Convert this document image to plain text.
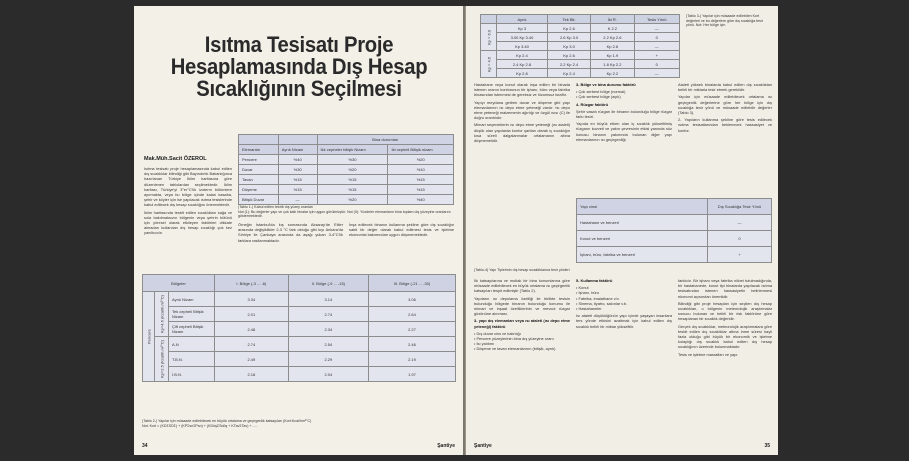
Isıtma Tesisatı Proje
Hesaplamasında Dış Hesap
Sıcaklığının Seçilmesi
Mak.Müh.Sacit ÖZEROL

Isıtma tesisatı proje hesaplamasında kabul edilen dış sıcaklıklar bilindiği gibi Bayındırlık Bakanlığınca hazırlanan Türkiye İklim haritasına göre düzenlenen tablolardan seçilmektedir. İklim haritası, Türkiye'yi 3°er°C'lik izoterm bölümlere ayırmakta, veya bu bölge içinde kalan kasaba, şehir ve köyler için ise yapılacak ısıtma tesislerinde kabul edilecek dış hesap sıcaklığını önermektedir.

İklim haritasında tesbit edilen sıcaklıkları sağa ve sola bakılmaksızın bölgenin veya şehrin bütünü için yöresel olarak etkileyen faktörleri dikkate almadan kullanılan dış hesap sıcaklığı çok kez yanıltıcıdır.

		Bina durumları	
Elemanlar	Ayrık Nizam	İkk cepheler bitişik Nizam	İki cepheli Bitişik nizam
Pencere	%40	%30	%20
Duvar	%30	%20	%10
Tavan	%15	%15	%15
Döşeme	%15	%15	%15
Bitişik Duvar	—	%20	%40
(Tablo 1-) Kabul edilen tekrib dış yüzey oranları
Not (1): Bu değerler yapı ve çok katlı binalar için uygun görülmüştür. Not (II): Yüzdeler elemanların bina toplam dış yüzeyine oranlarını göstermektedir.

Örneğin İstanbul'da kış sonrasında Aksaray'de Etiler arasında değişiklikler 2-3 °C fark olduğu gibi kıyı Ankara'da Sıhhiye ile Çankaya arasında da aşağı yukarı 3-4°C'lik farklara rastlanmaktadır.

İnşa edilecek binanın kullanma şekline göre dış sıcaklığın sabit bir değer olarak kabul edilmesi tesis ve işletme ekonomisi bakımından uygun düşmemektedir.

Bölgeler			I. Bölge (-3 ... -6)	II. Bölge (-9 ... -15)	III. Bölge (-21 ... -30)
Pencere	Kp=4.6 (Kcal/h.m²°C)	Ayrık Nizam	3.34	3.14	3.06
		Tek cepheli Bitişik Nizam	2.01	2.74	2.64
		Çift cepheli Bitişik Nizam	2.48	2.34	2.27
	Kp=2.5 (Kcal/h.m²°C)	A.N	2.74	2.54	2.46
		T.B.N.	2.49	2.29	2.19
		İ.B.N.	2.18	2.04	1.97
(Tablo 2-) Yapılar için müsaade edilebilecek en büyük ortalama ve geçirgenlik katsayıları (Kort:Kcal/hm²°C)
Not: Kort = (ΚDΣSDΣ) + (ΚPΣsnΣPsn) + (ΚDöşΣSdöş + ΚTavΣTav) + .....
34	Şantiye
	Ayrık	Tek Bit.	İki R.	Tesis Yönü
Kp = 6.0	Kp 3	Kp 2.6	K 2.2	—
	3.00 Kp 3.40	2.6 Kp 3.0	2.2 Kp 2.6	0
	Kp 3.40	Kp 3.0	Kp 2.6	—
Kp = 4.6	Kp 2.4	Kp 2.6	Kp 1.9	+
	2.4 Kp 2.8	2.2 Kp 2.4	1.8 Kp 2.2	0
	Kp 2.8	Kp 2.4	Kp 2.2	—
(Tablo 3-) Yapılar için müsaade edilebilen Kort değerleri ve bu değerlere göre dış sıcaklığa tesir yönü. Not: Her bölge için

Hastahane veya konut olarak inşa edilen bir binada istenen oranın konforunun bir işhanı, büro veya fabrika binasından istenmesi de gereksiz ve lüzumsuz israftır.

Yapıyı meydana getiren duvar ve döşeme gibi yapı elemanlarının ısı depo etme yeteneği vardır. Isı depo etme yeteneği malzemenin ağırlığı ve özgül ısısı (C) ile doğru orantılıdır.

Mimari seçeneklerin ısı depo etme yeteneği (ısı ataleti) düşük olan yapılarda konfor şartları olarak iç sıcaklığın kısa süreli dalgalanmalar ortalamanın altına düşmemelidir.

3- Bölge ve bina durumu faktörü

• Çok serbest bölge (normal)
• Çok serbest bölge (açık)

4- Rüzgar faktörü

Şehir vasatı rüzgarı ile binanın bulunduğu bölge rüzgar farkı tesiri.

Yapıda en büyük etken olan iç sıcaklık yükseltilmiş rüzgarın kuvveti ve yakın çevresinin etkisi yanında söz konusu binanın yakınında bulunan diğer yapı elemanlarının ısı geçirgenliği.

Ataleti yüksek binalarda kabul edilen dış sıcaklıktan belirli bir miktarla tesir etmek gereklidir.

Yapılar için müsaade edilebilecek ortalama ısı geçirgenlik değerlerine göre her bölge için dış sıcaklığa tesir yönü ve müsaade edilebilir değerler (Tablo 3).

2- Yapıların kullanma şekline göre tesis edilecek ısıtma tesisatlarından beklenecek hassasiyet ve konfor.

Yapı cinsi	Dış Sıcaklığa Tesir Yönü
Hastahane ve benzeri	—
Konut ve benzeri	0
İşhanı, büro, fabrika ve benzeri	+
(Tablo-4) Yapı Tiplerinin dış hesap sıcaklıklarına tesir yönleri

İlk katsayılarına ve mutlak bir bina konumlarına göre müsaade edilebilecek en büyük ortalama ısı geçirgenlik katsayıları tespit edilmiştir (Tablo 2).

Yapıların ısı depolama özelliği ile birlikte tesisin bulunduğu bölgede binanın bulunduğu konumu ile mimari ve inşaat özelliklerinin ve mevcut rüzgar gözönüne alınması.

3- yapı dış elemanları veya ısı ataleti (ısı depo etme yeteneği) faktörü

• Dış duvar cins ve kalınlığı
• Pencere yüzeylerinin bina dış yüzeyine oranı
• İsı yalıtımı
• Döşeme ve tavan elemanlarının (bitişik, ayrık)

5- Kullanma faktörü

• Konut
• İşhanı, büro
• Fabrika, imalathane v.b.
• Sinema, tiyatro, salonlar v.b.
• Hastahaneler

Isı ataleti düşüklüğünün yapı içinde yaşayan insanlara ters yönde etkisini azaltmak için kabul edilen dış sıcaklık belirli bir miktar yükseltilir.

farklıdır. Bir işhanı veya fabrika nöbet tutulmadığında, bir hastahanede, konut tipi binalarda yapılacak ısıtma tesisatından istenen hassasiyetin belirlenmesi ekonomi açısından önemlidir.

Bilindiği gibi proje hesapları için seçilen dış hesap sıcaklıkları, o bölgenin meteorolojik araştırmalar sonucu bulunan ve belirli bir risk faktörüne göre hesaplanan bir sıcaklık değeridir.

Gerçek dış sıcaklıklar, meteorolojik araştırmalara göre tesbit edilen dış sıcaklıklar altına inme süresi hayli fazla olduğu gibi büyük bir ekonomik ve işletme kolaylığı dış sıcaklık kabul edilen dış hesap sıcaklığının üzerinde bulunmaktadır.

Tesis ve işletme masrafları ve yapı

Şantiye	35
